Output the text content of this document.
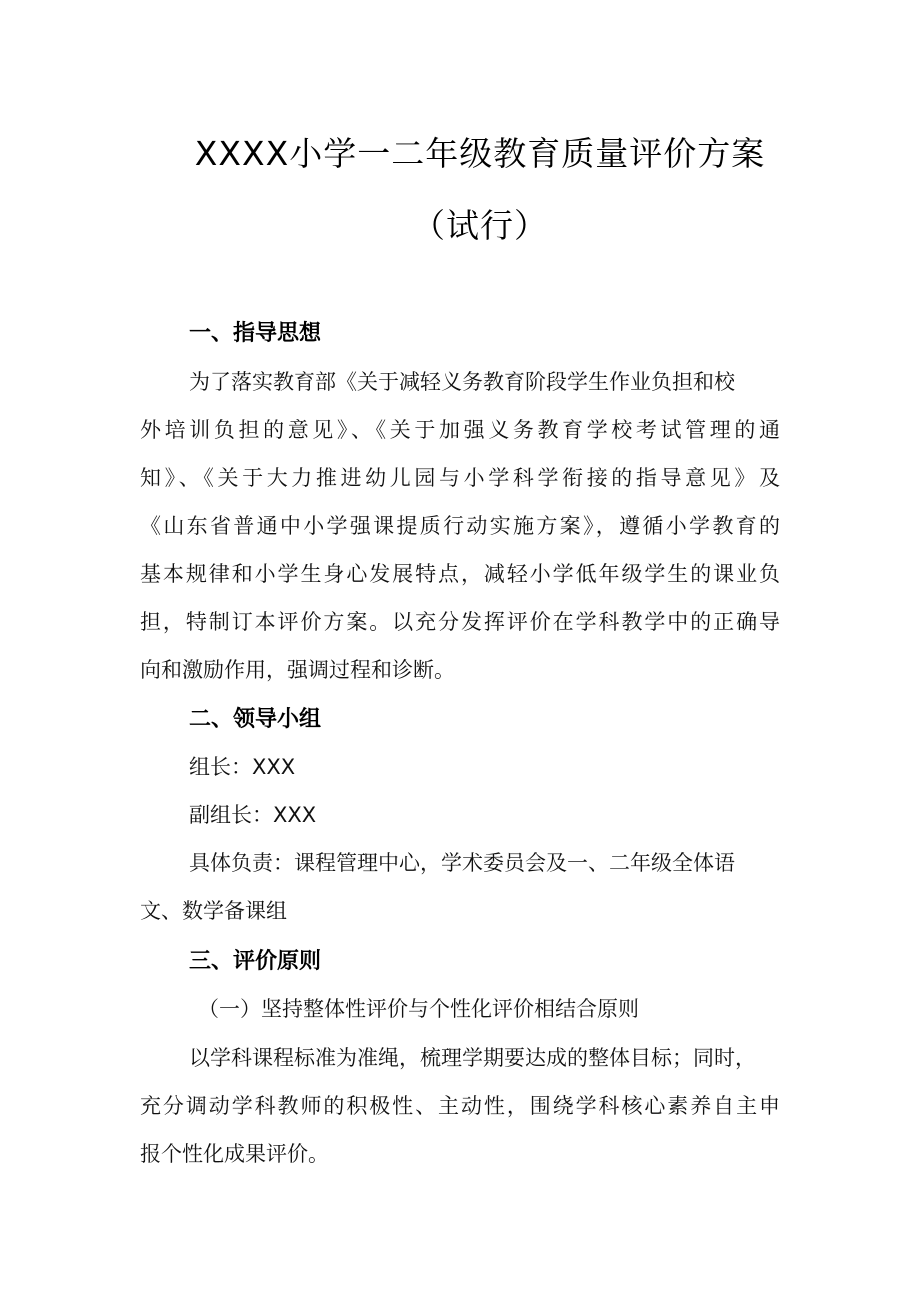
XXXX小学一二年级教育质量评价方案
（试行）
一、指导思想
为了落实教育部《关于减轻义务教育阶段学生作业负担和校
外培训负担的意见》、《关于加强义务教育学校考试管理的通
知》、《关于大力推进幼儿园与小学科学衔接的指导意见》及
《山东省普通中小学强课提质行动实施方案》，遵循小学教育的
基本规律和小学生身心发展特点，减轻小学低年级学生的课业负
担，特制订本评价方案。以充分发挥评价在学科教学中的正确导
向和激励作用，强调过程和诊断。
二、领导小组
组长：XXX
副组长：XXX
具体负责：课程管理中心，学术委员会及一、二年级全体语
文、数学备课组
三、评价原则
（一）坚持整体性评价与个性化评价相结合原则
以学科课程标准为准绳，梳理学期要达成的整体目标；同时，
充分调动学科教师的积极性、主动性，围绕学科核心素养自主申
报个性化成果评价。
